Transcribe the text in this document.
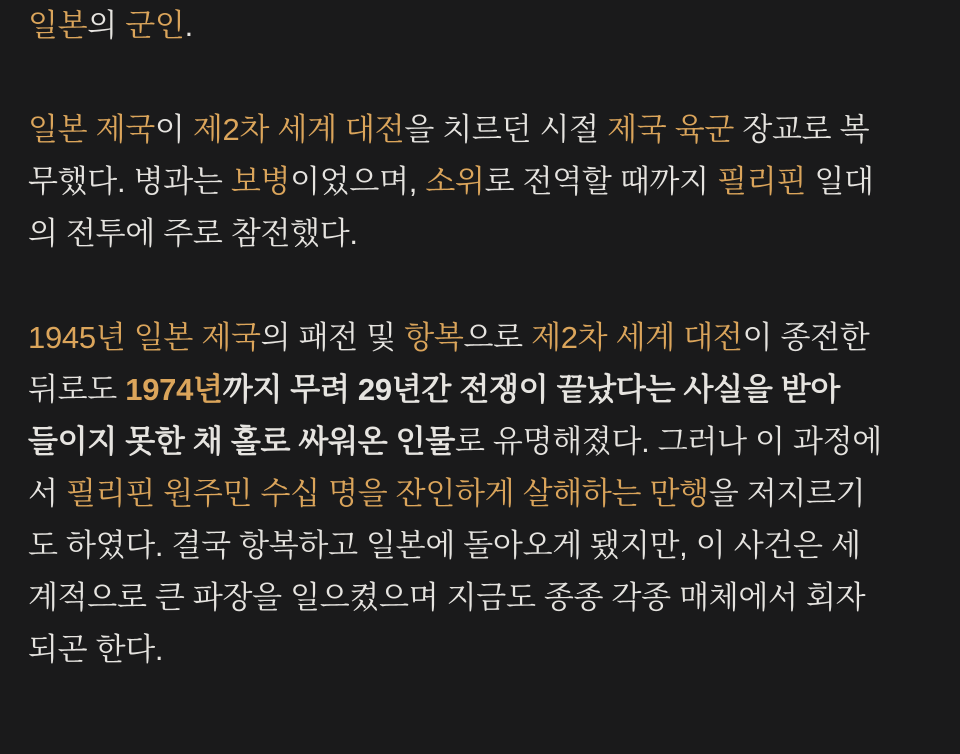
일본의 군인.
일본 제국이 제2차 세계 대전을 치르던 시절 제국 육군 장교로 복
무했다. 병과는 보병이었으며, 소위로 전역할 때까지 필리핀 일대
의 전투에 주로 참전했다.
1945년 일본 제국의 패전 및 항복으로 제2차 세계 대전이 종전한
뒤로도 1974년까지 무려 29년간 전쟁이 끝났다는 사실을 받아
들이지 못한 채 홀로 싸워온 인물로 유명해졌다. 그러나 이 과정에
서 필리핀 원주민 수십 명을 잔인하게 살해하는 만행을 저지르기
도 하였다. 결국 항복하고 일본에 돌아오게 됐지만, 이 사건은 세
계적으로 큰 파장을 일으켰으며 지금도 종종 각종 매체에서 회자
되곤 한다.
